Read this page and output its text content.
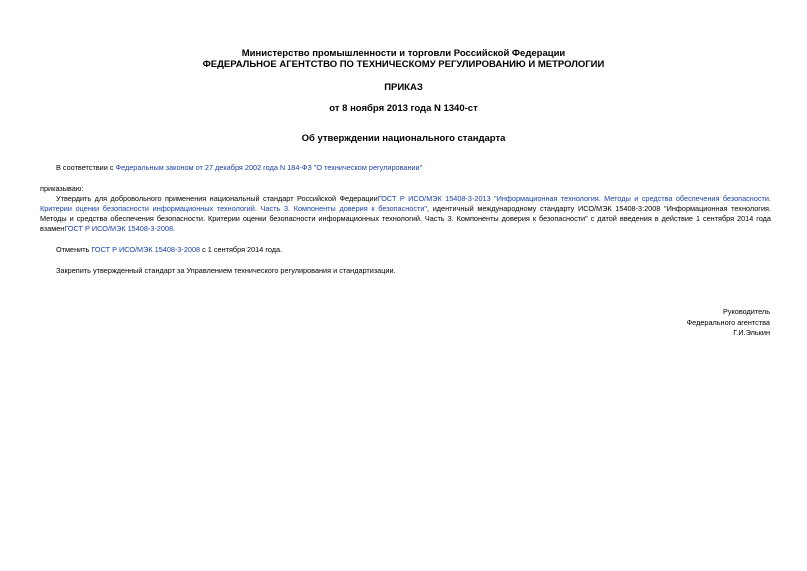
Министерство промышленности и торговли Российской Федерации
ФЕДЕРАЛЬНОЕ АГЕНТСТВО ПО ТЕХНИЧЕСКОМУ РЕГУЛИРОВАНИЮ И МЕТРОЛОГИИ
ПРИКАЗ
от 8 ноября 2013 года N 1340-ст
Об утверждении национального стандарта
В соответствии с Федеральным законом от 27 декабря 2002 года N 184-ФЗ "О техническом регулировании"
приказываю:
Утвердить для добровольного применения национальный стандарт Российской ФедерацииГОСТ Р ИСО/МЭК 15408-3-2013 "Информационная технология. Методы и средства обеспечения безопасности. Критерии оценки безопасности информационных технологий. Часть 3. Компоненты доверия к безопасности", идентичный международному стандарту ИСО/МЭК 15408-3:2008 "Информационная технология. Методы и средства обеспечения безопасности. Критерии оценки безопасности информационных технологий. Часть 3. Компоненты доверия к безопасности" с датой введения в действие 1 сентября 2014 года взаменГОСТ Р ИСО/МЭК 15408-3-2008.
Отменить ГОСТ Р ИСО/МЭК 15408-3-2008 с 1 сентября 2014 года.
Закрепить утвержденный стандарт за Управлением технического регулирования и стандартизации.
Руководитель
Федерального агентства
Г.И.Элькин
